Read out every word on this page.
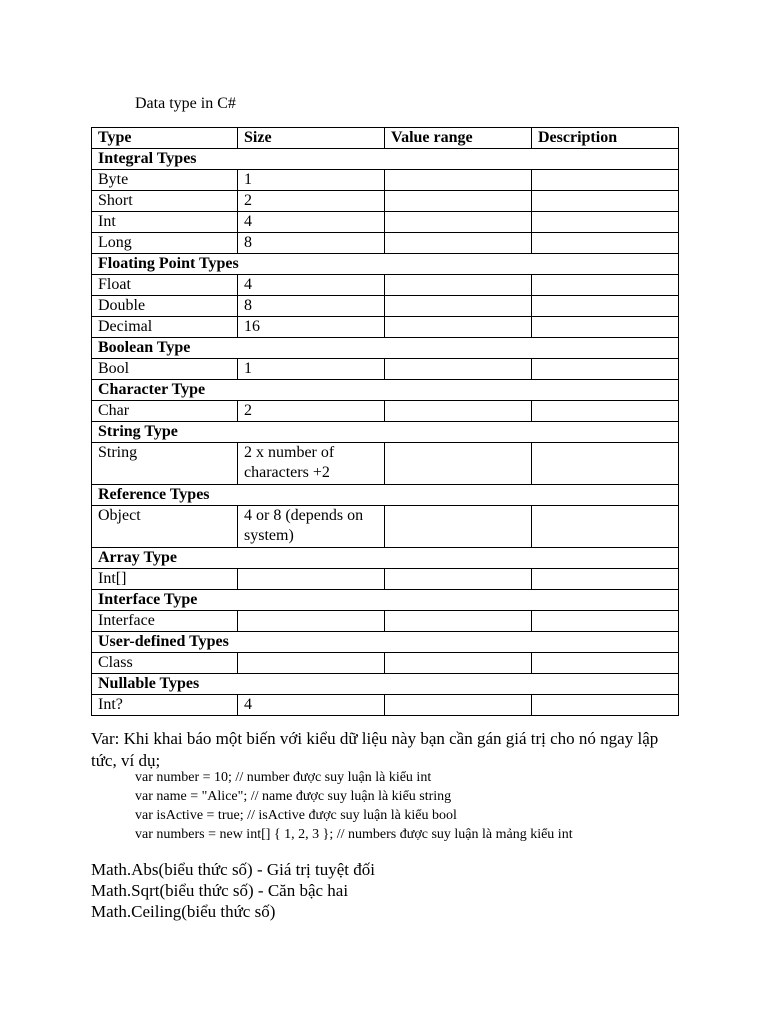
Data type in C#
Type	Size	Value range	Description
Integral Types			
Byte	1		
Short	2		
Int	4		
Long	8		
Floating Point Types			
Float	4		
Double	8		
Decimal	16		
Boolean Type			
Bool	1		
Character Type			
Char	2		
String Type			
String	2 x number of characters +2		
Reference Types			
Object	4 or 8 (depends on system)		
Array Type			
Int[]			
Interface Type			
Interface			
User-defined Types			
Class			
Nullable Types			
Int?	4		
Var: Khi khai báo một biến với kiểu dữ liệu này bạn cần gán giá trị cho nó ngay lập tức, ví dụ;
var number = 10; // number được suy luận là kiểu int
var name = "Alice"; // name được suy luận là kiểu string
var isActive = true; // isActive được suy luận là kiểu bool
var numbers = new int[] { 1, 2, 3 }; // numbers được suy luận là mảng kiểu int
Math.Abs(biểu thức số) - Giá trị tuyệt đối
Math.Sqrt(biểu thức số) - Căn bậc hai
Math.Ceiling(biểu thức số)
